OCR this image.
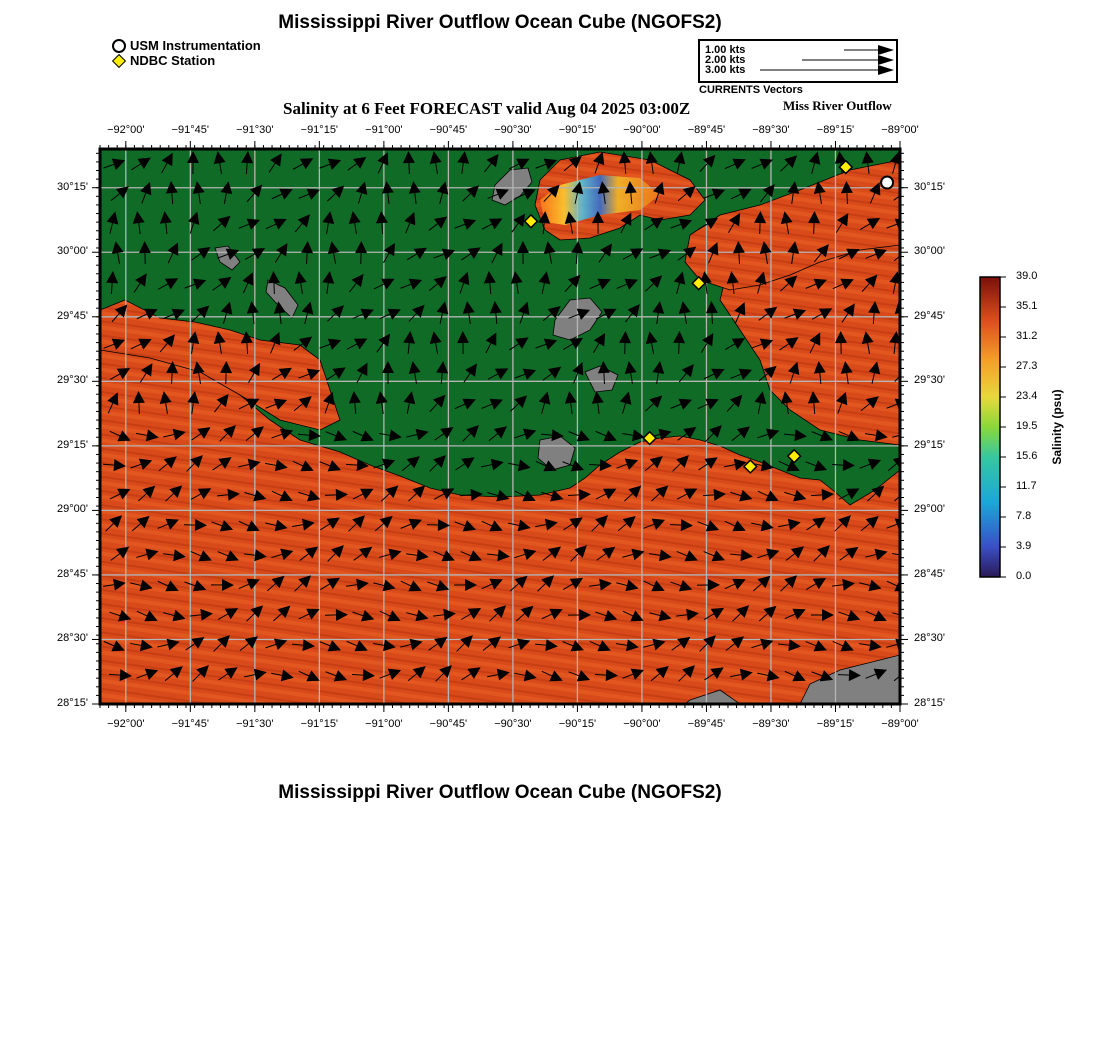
Mississippi River Outflow Ocean Cube (NGOFS2)
USM Instrumentation
NDBC Station
1.00 kts
2.00 kts
3.00 kts
CURRENTS Vectors
Salinity at 6 Feet FORECAST valid Aug 04 2025 03:00Z	Miss River Outflow
−92°00'	−91°45'	−91°30'	−91°15'	−91°00'	−90°45'	−90°30'	−90°15'	−90°00'	−89°45'	−89°30'	−89°15'	−89°00'
−92°00'	−91°45'	−91°30'	−91°15'	−91°00'	−90°45'	−90°30'	−90°15'	−90°00'	−89°45'	−89°30'	−89°15'	−89°00'
30°15'
30°00'
29°45'
29°30'
29°15'
29°00'
28°45'
28°30'
28°15'
30°15'
30°00'
29°45'
29°30'
29°15'
29°00'
28°45'
28°30'
28°15'
39.0
35.1
31.2
27.3
23.4
19.5
15.6
11.7
7.8
3.9
0.0
Salinity (psu)
Mississippi River Outflow Ocean Cube (NGOFS2)
